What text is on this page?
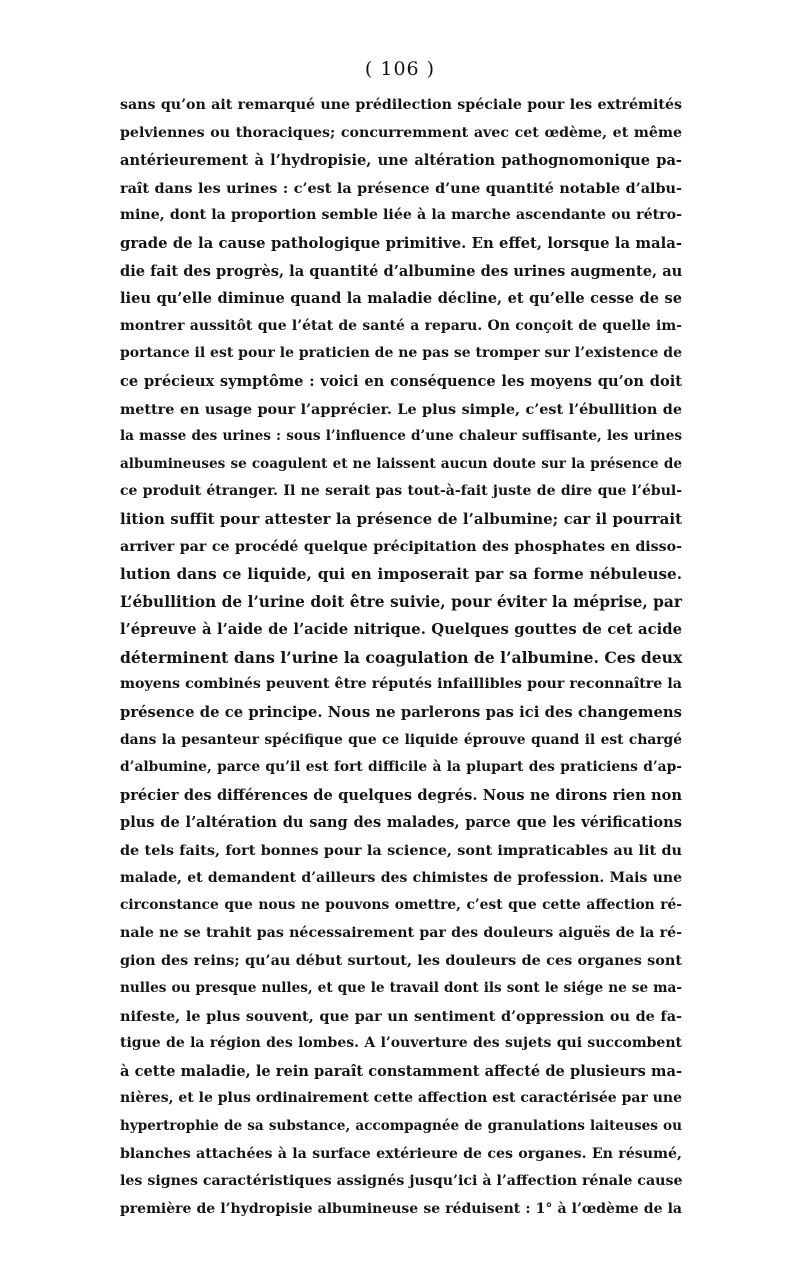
( 106 )
sans qu’on ait remarqué une prédilection spéciale pour les extrémités
pelviennes ou thoraciques; concurremment avec cet œdème, et même
antérieurement à l’hydropisie, une altération pathognomonique pa-
raît dans les urines : c’est la présence d’une quantité notable d’albu-
mine, dont la proportion semble liée à la marche ascendante ou rétro-
grade de la cause pathologique primitive. En effet, lorsque la mala-
die fait des progrès, la quantité d’albumine des urines augmente, au
lieu qu’elle diminue quand la maladie décline, et qu’elle cesse de se
montrer aussitôt que l’état de santé a reparu. On conçoit de quelle im-
portance il est pour le praticien de ne pas se tromper sur l’existence de
ce précieux symptôme : voici en conséquence les moyens qu’on doit
mettre en usage pour l’apprécier. Le plus simple, c’est l’ébullition de
la masse des urines : sous l’influence d’une chaleur suffisante, les urines
albumineuses se coagulent et ne laissent aucun doute sur la présence de
ce produit étranger. Il ne serait pas tout-à-fait juste de dire que l’ébul-
lition suffit pour attester la présence de l’albumine; car il pourrait
arriver par ce procédé quelque précipitation des phosphates en disso-
lution dans ce liquide, qui en imposerait par sa forme nébuleuse.
L’ébullition de l’urine doit être suivie, pour éviter la méprise, par
l’épreuve à l’aide de l’acide nitrique. Quelques gouttes de cet acide
déterminent dans l’urine la coagulation de l’albumine. Ces deux
moyens combinés peuvent être réputés infaillibles pour reconnaître la
présence de ce principe. Nous ne parlerons pas ici des changemens
dans la pesanteur spécifique que ce liquide éprouve quand il est chargé
d’albumine, parce qu’il est fort difficile à la plupart des praticiens d’ap-
précier des différences de quelques degrés. Nous ne dirons rien non
plus de l’altération du sang des malades, parce que les vérifications
de tels faits, fort bonnes pour la science, sont impraticables au lit du
malade, et demandent d’ailleurs des chimistes de profession. Mais une
circonstance que nous ne pouvons omettre, c’est que cette affection ré-
nale ne se trahit pas nécessairement par des douleurs aiguës de la ré-
gion des reins; qu’au début surtout, les douleurs de ces organes sont
nulles ou presque nulles, et que le travail dont ils sont le siége ne se ma-
nifeste, le plus souvent, que par un sentiment d’oppression ou de fa-
tigue de la région des lombes. A l’ouverture des sujets qui succombent
à cette maladie, le rein paraît constamment affecté de plusieurs ma-
nières, et le plus ordinairement cette affection est caractérisée par une
hypertrophie de sa substance, accompagnée de granulations laiteuses ou
blanches attachées à la surface extérieure de ces organes. En résumé,
les signes caractéristiques assignés jusqu’ici à l’affection rénale cause
première de l’hydropisie albumineuse se réduisent : 1° à l’œdème de la
